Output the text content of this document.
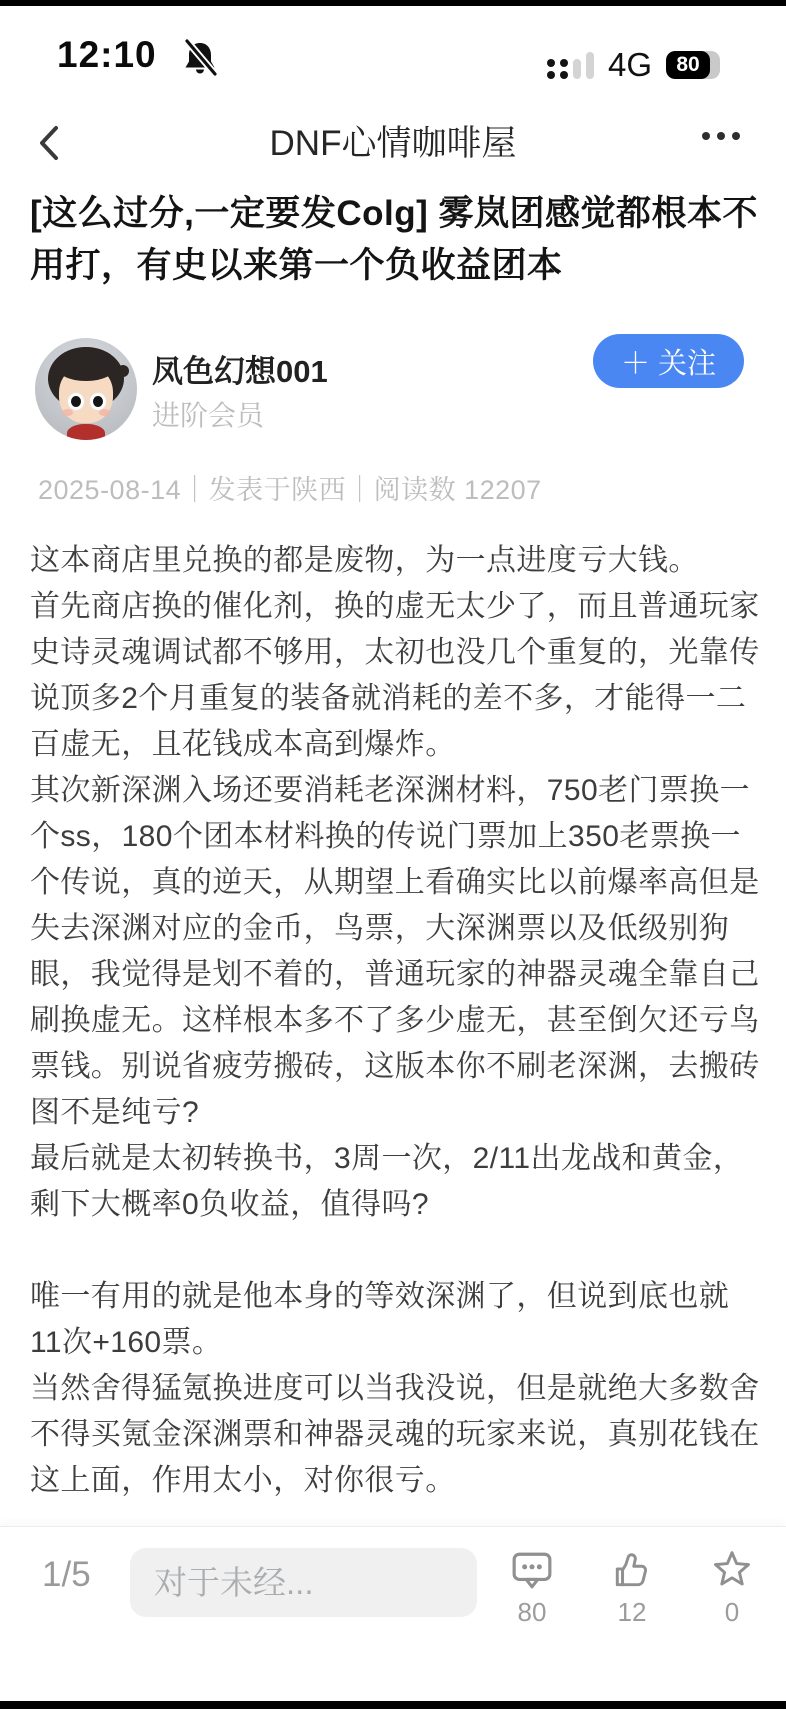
12:10	4G	80
DNF心情咖啡屋
[这么过分,一定要发Colg] 雾岚团感觉都根本不用打，有史以来第一个负收益团本
凤色幻想001
进阶会员
＋ 关注
2025-08-14｜发表于陕西｜阅读数 12207
这本商店里兑换的都是废物，为一点进度亏大钱。
首先商店换的催化剂，换的虚无太少了，而且普通玩家史诗灵魂调试都不够用，太初也没几个重复的，光靠传说顶多2个月重复的装备就消耗的差不多，才能得一二百虚无，且花钱成本高到爆炸。
其次新深渊入场还要消耗老深渊材料，750老门票换一个ss，180个团本材料换的传说门票加上350老票换一个传说，真的逆天，从期望上看确实比以前爆率高但是失去深渊对应的金币，鸟票，大深渊票以及低级别狗眼，我觉得是划不着的，普通玩家的神器灵魂全靠自己刷换虚无。这样根本多不了多少虚无，甚至倒欠还亏鸟票钱。别说省疲劳搬砖，这版本你不刷老深渊，去搬砖图不是纯亏?
最后就是太初转换书，3周一次，2/11出龙战和黄金，剩下大概率0负收益，值得吗?
唯一有用的就是他本身的等效深渊了，但说到底也就11次+160票。
当然舍得猛氪换进度可以当我没说，但是就绝大多数舍不得买氪金深渊票和神器灵魂的玩家来说，真别花钱在这上面，作用太小，对你很亏。
1/5
对于未经...
80	12	0
